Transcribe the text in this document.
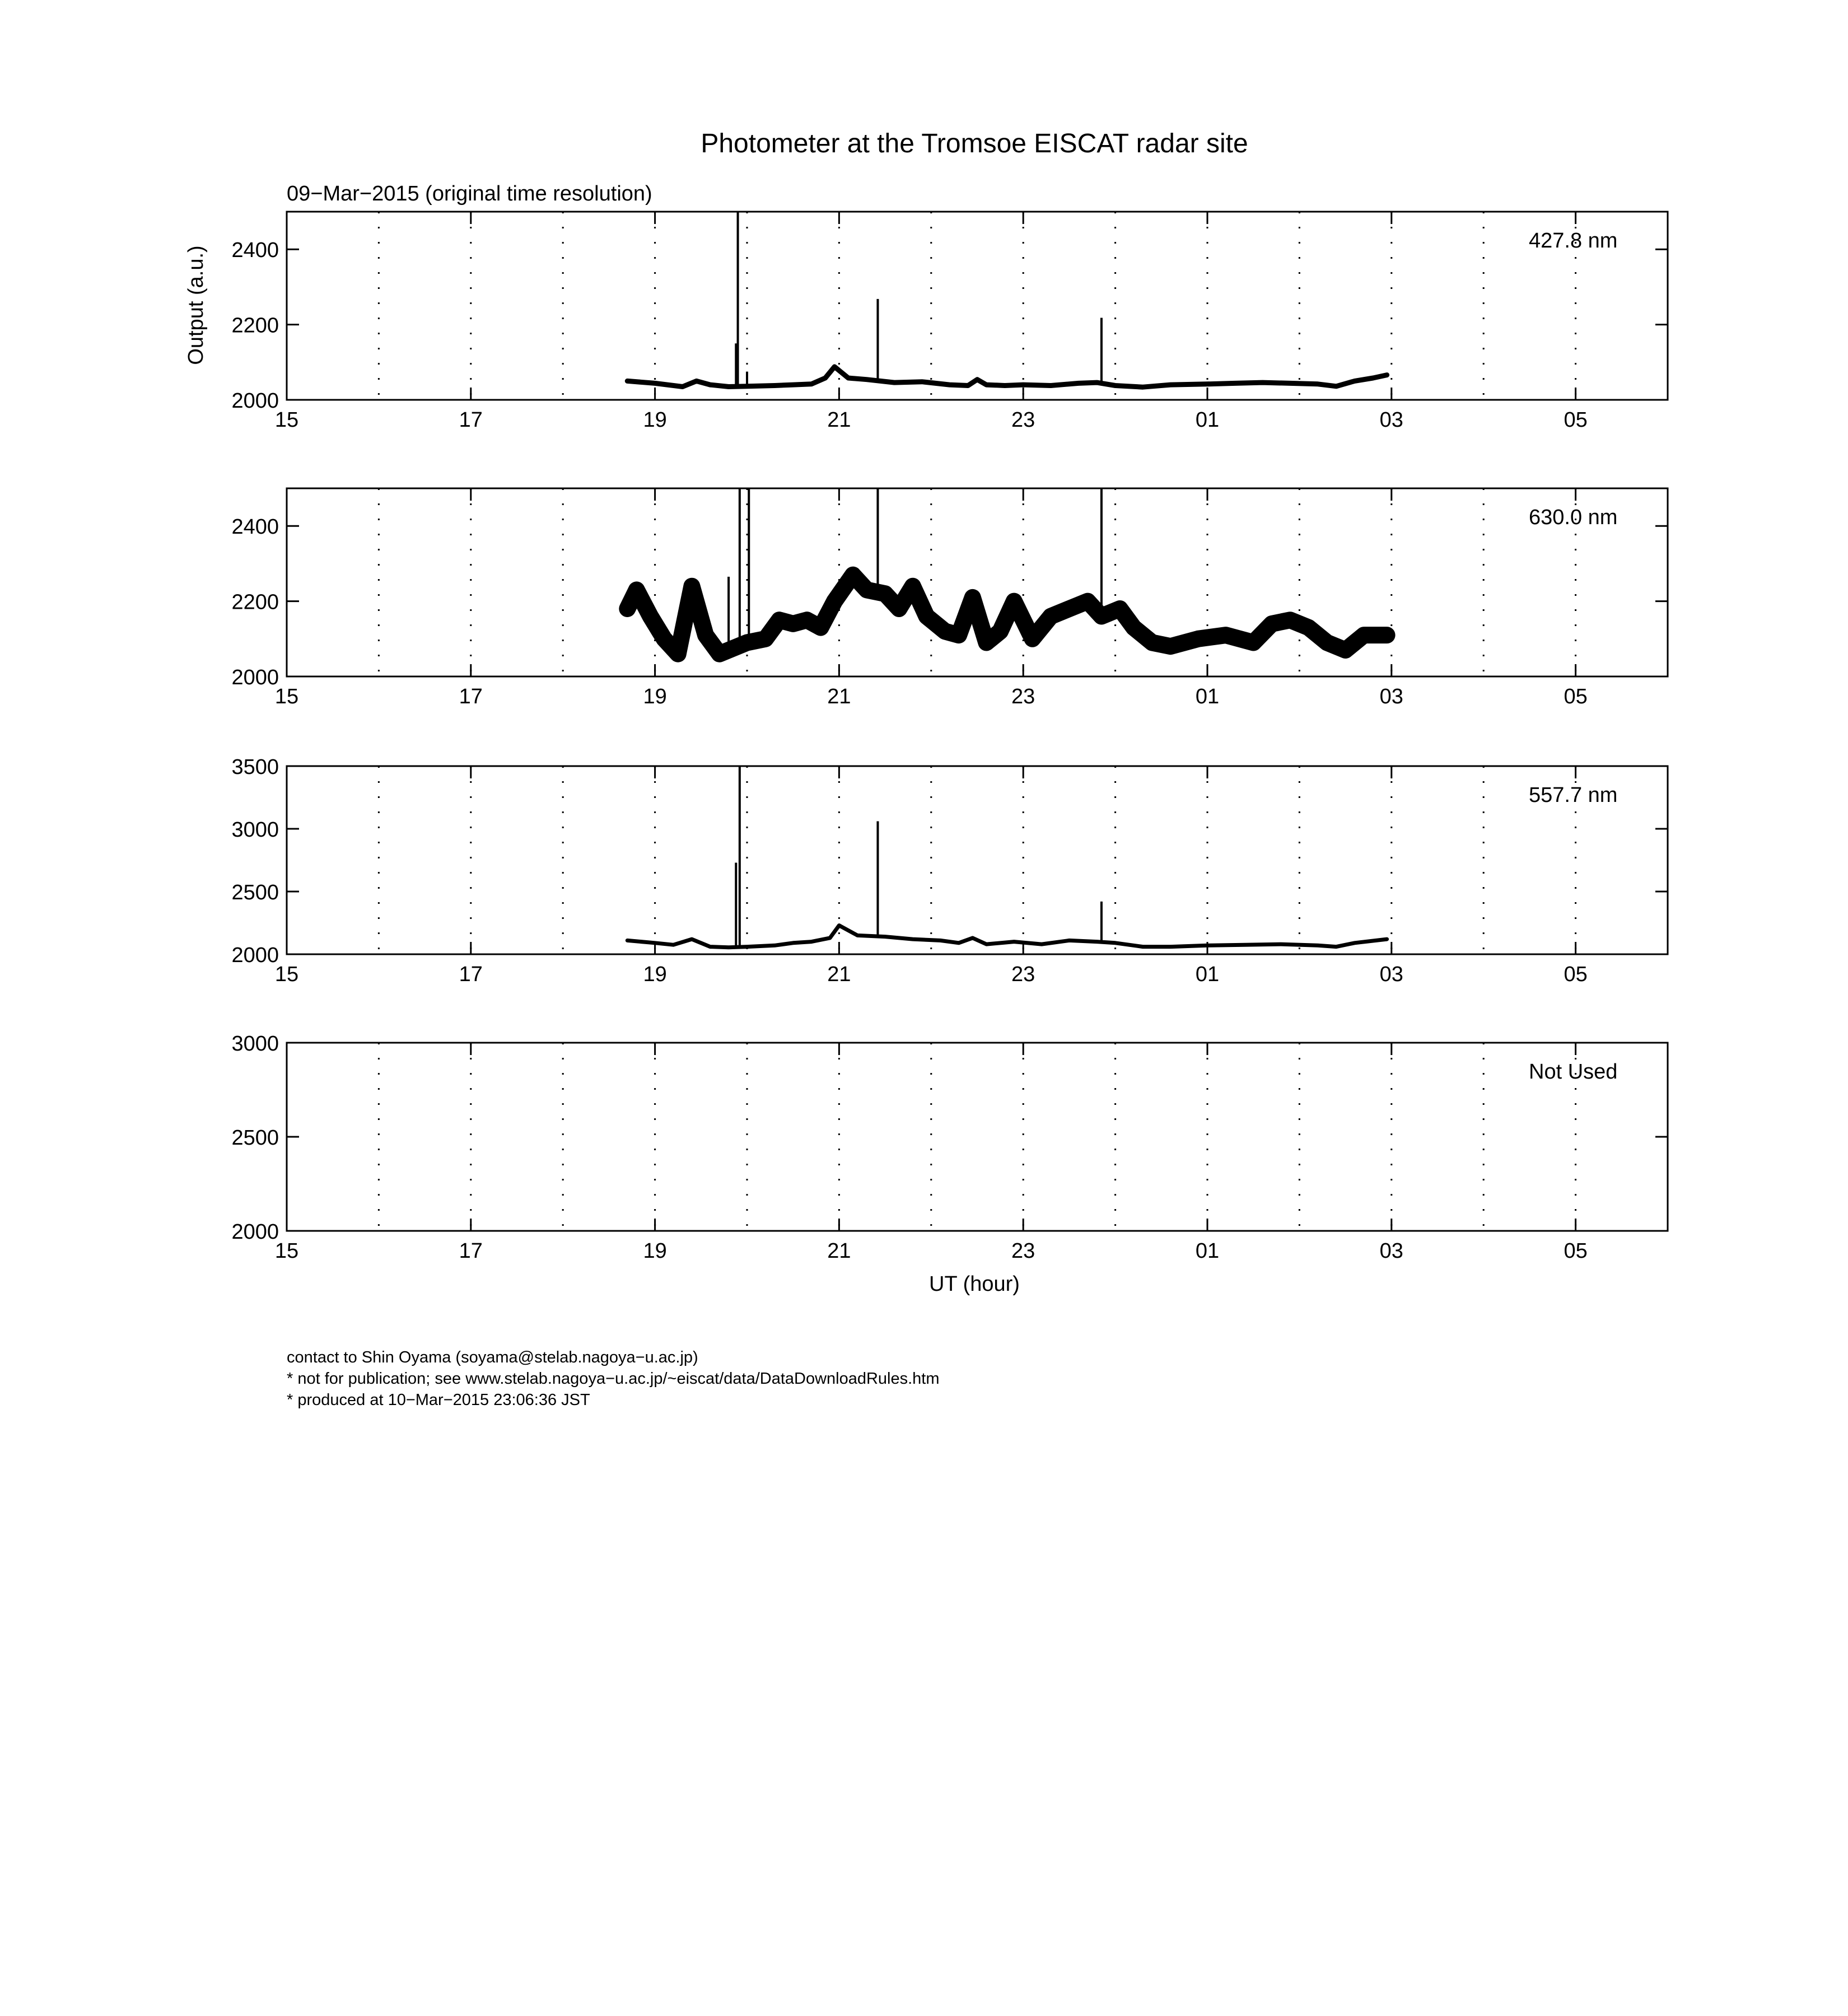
Photometer at the Tromsoe EISCAT radar site
09−Mar−2015 (original time resolution)
Output (a.u.)
UT (hour)
15	17	19	21	23	01	03	05
2000
2200
2400	427.8 nm
15	17	19	21	23	01	03	05
2000
2200
2400	630.0 nm
15	17	19	21	23	01	03	05
2000
2500
3000
3500
557.7 nm
15	17	19	21	23	01	03	05
2000
2500
3000
Not Used
contact to Shin Oyama (soyama@stelab.nagoya−u.ac.jp)
* not for publication; see www.stelab.nagoya−u.ac.jp/~eiscat/data/DataDownloadRules.htm
* produced at 10−Mar−2015 23:06:36 JST
